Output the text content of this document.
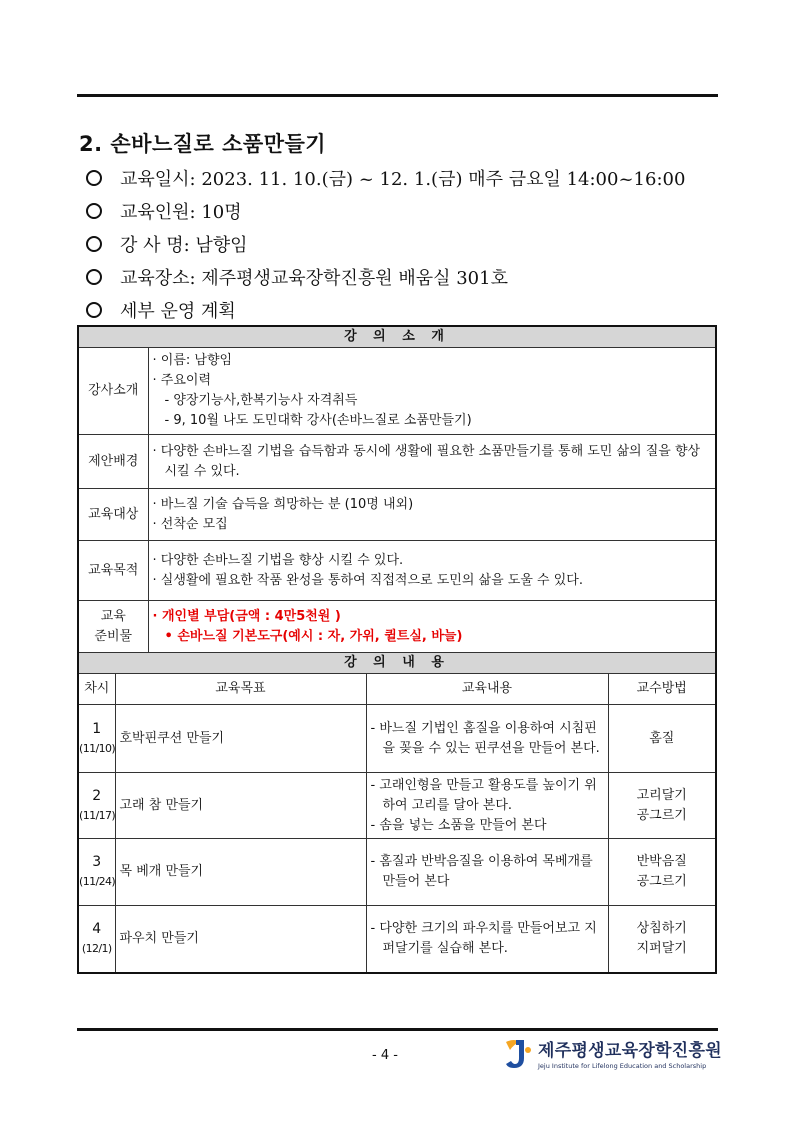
2. 손바느질로 소품만들기
교육일시: 2023. 11. 10.(금) ~ 12. 1.(금) 매주 금요일 14:00~16:00
교육인원: 10명
강 사 명: 남향임
교육장소: 제주평생교육장학진흥원 배움실 301호
세부 운영 계획
강 의 소 개				
강사소개		· 이름: 남향임
· 주요이력
- 양장기능사,한복기능사 자격취득
- 9, 10월 나도 도민대학 강사(손바느질로 소품만들기)		

제안배경		· 다양한 손바느질 기법을 습득함과 동시에 생활에 필요한 소품만들기를 통해 도민 삶의 질을 향상 시킬 수 있다.		

교육대상		· 바느질 기술 습득을 희망하는 분 (10명 내외)
· 선착순 모집		

교육목적		· 다양한 손바느질 기법을 향상 시킬 수 있다.
· 실생활에 필요한 작품 완성을 통하여 직접적으로 도민의 삶을 도울 수 있다.		

교육
준비물		· 개인별 부담(금액 : 4만5천원 )
• 손바느질 기본도구(예시 : 자, 가위, 퀼트실, 바늘)		

강 의 내 용				
차시	교육목표		교육내용	교수방법

1
(11/10)	호박핀쿠션 만들기		- 바느질 기법인 홈질을 이용하여 시침핀을 꽂을 수 있는 핀쿠션을 만들어 본다.	홈질

2
(11/17)	고래 참 만들기		- 고래인형을 만들고 활용도를 높이기 위하여 고리를 달아 본다.
- 솜을 넣는 소품을 만들어 본다	고리달기
공그르기

3
(11/24)	목 베개 만들기		- 홈질과 반박음질을 이용하여 목베개를 만들어 본다	반박음질
공그르기

4
(12/1)	파우치 만들기		- 다양한 크기의 파우치를 만들어보고 지퍼달기를 실습해 본다.	상침하기
지퍼달기
- 4 -	제주평생교육장학진흥원
Jeju Institute for Lifelong Education and Scholarship
